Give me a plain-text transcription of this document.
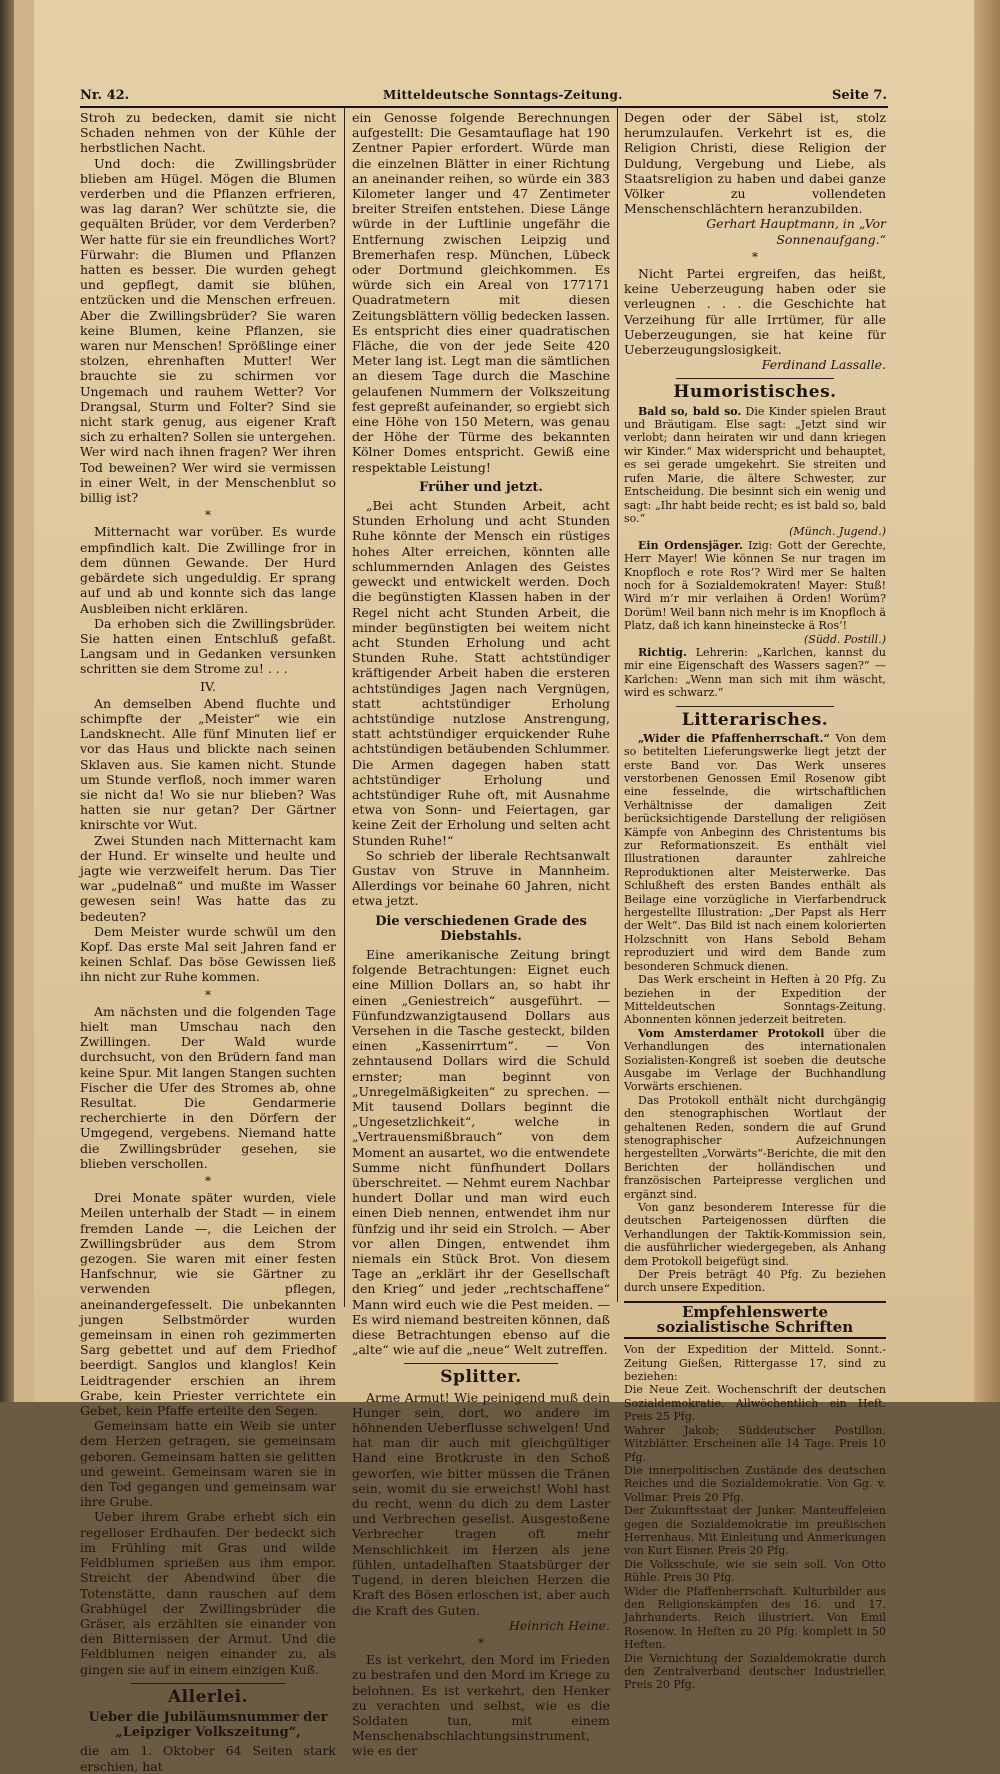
Nr. 42.	Mitteldeutsche Sonntags-Zeitung.	Seite 7.

Stroh zu bedecken, damit sie nicht Schaden nehmen von der Kühle der herbstlichen Nacht.

Und doch: die Zwillingsbrüder blieben am Hügel. Mögen die Blumen verderben und die Pflanzen erfrieren, was lag daran? Wer schützte sie, die gequälten Brüder, vor dem Verderben? Wer hatte für sie ein freundliches Wort? Fürwahr: die Blumen und Pflanzen hatten es besser. Die wurden gehegt und gepflegt, damit sie blühen, entzücken und die Menschen erfreuen. Aber die Zwillingsbrüder? Sie waren keine Blumen, keine Pflanzen, sie waren nur Menschen! Sprößlinge einer stolzen, ehrenhaften Mutter! Wer brauchte sie zu schirmen vor Ungemach und rauhem Wetter? Vor Drangsal, Sturm und Folter? Sind sie nicht stark genug, aus eigener Kraft sich zu erhalten? Sollen sie untergehen. Wer wird nach ihnen fragen? Wer ihren Tod beweinen? Wer wird sie vermissen in einer Welt, in der Menschenblut so billig ist?

*

Mitternacht war vorüber. Es wurde empfindlich kalt. Die Zwillinge fror in dem dünnen Gewande. Der Hurd gebärdete sich ungeduldig. Er sprang auf und ab und konnte sich das lange Ausbleiben nicht erklären.

Da erhoben sich die Zwillingsbrüder. Sie hatten einen Entschluß gefaßt. Langsam und in Gedanken versunken schritten sie dem Strome zu! . . .

IV.

An demselben Abend fluchte und schimpfte der „Meister“ wie ein Landsknecht. Alle fünf Minuten lief er vor das Haus und blickte nach seinen Sklaven aus. Sie kamen nicht. Stunde um Stunde verfloß, noch immer waren sie nicht da! Wo sie nur blieben? Was hatten sie nur getan? Der Gärtner knirschte vor Wut.

Zwei Stunden nach Mitternacht kam der Hund. Er winselte und heulte und jagte wie verzweifelt herum. Das Tier war „pudelnaß“ und mußte im Wasser gewesen sein! Was hatte das zu bedeuten?

Dem Meister wurde schwül um den Kopf. Das erste Mal seit Jahren fand er keinen Schlaf. Das böse Gewissen ließ ihn nicht zur Ruhe kommen.

*

Am nächsten und die folgenden Tage hielt man Umschau nach den Zwillingen. Der Wald wurde durchsucht, von den Brüdern fand man keine Spur. Mit langen Stangen suchten Fischer die Ufer des Stromes ab, ohne Resultat. Die Gendarmerie recherchierte in den Dörfern der Umgegend, vergebens. Niemand hatte die Zwillingsbrüder gesehen, sie blieben verschollen.

*

Drei Monate später wurden, viele Meilen unterhalb der Stadt — in einem fremden Lande —, die Leichen der Zwillingsbrüder aus dem Strom gezogen. Sie waren mit einer festen Hanfschnur, wie sie Gärtner zu verwenden pflegen, aneinandergefesselt. Die unbekannten jungen Selbstmörder wurden gemeinsam in einen roh gezimmerten Sarg gebettet und auf dem Friedhof beerdigt. Sanglos und klanglos! Kein Leidtragender erschien an ihrem Grabe, kein Priester verrichtete ein Gebet, kein Pfaffe erteilte den Segen.

Gemeinsam hatte ein Weib sie unter dem Herzen getragen, sie gemeinsam geboren. Gemeinsam hatten sie gelitten und geweint. Gemeinsam waren sie in den Tod gegangen und gemeinsam war ihre Grube.

Ueber ihrem Grabe erhebt sich ein regelloser Erdhaufen. Der bedeckt sich im Frühling mit Gras und wilde Feldblumen sprießen aus ihm empor. Streicht der Abendwind über die Totenstätte, dann rauschen auf dem Grabhügel der Zwillingsbrüder die Gräser, als erzählten sie einander von den Bitternissen der Armut. Und die Feldblumen neigen einander zu, als gingen sie auf in einem einzigen Kuß.

Allerlei.
Ueber die Jubiläumsnummer der „Leipziger Volkszeitung“,

die am 1. Oktober 64 Seiten stark erschien, hat

ein Genosse folgende Berechnungen aufgestellt: Die Gesamtauflage hat 190 Zentner Papier erfordert. Würde man die einzelnen Blätter in einer Richtung an aneinander reihen, so würde ein 383 Kilometer langer und 47 Zentimeter breiter Streifen entstehen. Diese Länge würde in der Luftlinie ungefähr die Entfernung zwischen Leipzig und Bremerhafen resp. München, Lübeck oder Dortmund gleichkommen. Es würde sich ein Areal von 177171 Quadratmetern mit diesen Zeitungsblättern völlig bedecken lassen. Es entspricht dies einer quadratischen Fläche, die von der jede Seite 420 Meter lang ist. Legt man die sämtlichen an diesem Tage durch die Maschine gelaufenen Nummern der Volkszeitung fest gepreßt aufeinander, so ergiebt sich eine Höhe von 150 Metern, was genau der Höhe der Türme des bekannten Kölner Domes entspricht. Gewiß eine respektable Leistung!

Früher und jetzt.

„Bei acht Stunden Arbeit, acht Stunden Erholung und acht Stunden Ruhe könnte der Mensch ein rüstiges hohes Alter erreichen, könnten alle schlummernden Anlagen des Geistes geweckt und entwickelt werden. Doch die begünstigten Klassen haben in der Regel nicht acht Stunden Arbeit, die minder begünstigten bei weitem nicht acht Stunden Erholung und acht Stunden Ruhe. Statt achtstündiger kräftigender Arbeit haben die ersteren achtstündiges Jagen nach Vergnügen, statt achtstündiger Erholung achtstündige nutzlose Anstrengung, statt achtstündiger erquickender Ruhe achtstündigen betäubenden Schlummer. Die Armen dagegen haben statt achtstündiger Erholung und achtstündiger Ruhe oft, mit Ausnahme etwa von Sonn- und Feiertagen, gar keine Zeit der Erholung und selten acht Stunden Ruhe!“

So schrieb der liberale Rechtsanwalt Gustav von Struve in Mannheim. Allerdings vor beinahe 60 Jahren, nicht etwa jetzt.

Die verschiedenen Grade des Diebstahls.

Eine amerikanische Zeitung bringt folgende Betrachtungen: Eignet euch eine Million Dollars an, so habt ihr einen „Geniestreich“ ausgeführt. — Fünfundzwanzigtausend Dollars aus Versehen in die Tasche gesteckt, bilden einen „Kassenirrtum“. — Von zehntausend Dollars wird die Schuld ernster; man beginnt von „Unregelmäßigkeiten“ zu sprechen. — Mit tausend Dollars beginnt die „Ungesetzlichkeit“, welche in „Vertrauensmißbrauch“ von dem Moment an ausartet, wo die entwendete Summe nicht fünfhundert Dollars überschreitet. — Nehmt eurem Nachbar hundert Dollar und man wird euch einen Dieb nennen, entwendet ihm nur fünfzig und ihr seid ein Strolch. — Aber vor allen Dingen, entwendet ihm niemals ein Stück Brot. Von diesem Tage an „erklärt ihr der Gesellschaft den Krieg“ und jeder „rechtschaffene“ Mann wird euch wie die Pest meiden. — Es wird niemand bestreiten können, daß diese Betrachtungen ebenso auf die „alte“ wie auf die „neue“ Welt zutreffen.

Splitter.

Arme Armut! Wie peinigend muß dein Hunger sein, dort, wo andere im höhnenden Ueberflusse schwelgen! Und hat man dir auch mit gleichgültiger Hand eine Brotkruste in den Schoß geworfen, wie bitter müssen die Tränen sein, womit du sie erweichst! Wohl hast du recht, wenn du dich zu dem Laster und Verbrechen gesellst. Ausgestoßene Verbrecher tragen oft mehr Menschlichkeit im Herzen als jene fühlen, untadelhaften Staatsbürger der Tugend, in deren bleichen Herzen die Kraft des Bösen erloschen ist, aber auch die Kraft des Guten.

Heinrich Heine.
*

Es ist verkehrt, den Mord im Frieden zu bestrafen und den Mord im Kriege zu belohnen. Es ist verkehrt, den Henker zu verachten und selbst, wie es die Soldaten tun, mit einem Menschenabschlachtungsinstrument, wie es der

Degen oder der Säbel ist, stolz herumzulaufen. Verkehrt ist es, die Religion Christi, diese Religion der Duldung, Vergebung und Liebe, als Staatsreligion zu haben und dabei ganze Völker zu vollendeten Menschenschlächtern heranzubilden.

Gerhart Hauptmann, in „Vor Sonnenaufgang.“
*

Nicht Partei ergreifen, das heißt, keine Ueberzeugung haben oder sie verleugnen . . . die Geschichte hat Verzeihung für alle Irrtümer, für alle Ueberzeugungen, sie hat keine für Ueberzeugungslosigkeit.

Ferdinand Lassalle.
Humoristisches.

Bald so, bald so. Die Kinder spielen Braut und Bräutigam. Else sagt: „Jetzt sind wir verlobt; dann heiraten wir und dann kriegen wir Kinder.“ Max widerspricht und behauptet, es sei gerade umgekehrt. Sie streiten und rufen Marie, die ältere Schwester, zur Entscheidung. Die besinnt sich ein wenig und sagt: „Ihr habt beide recht; es ist bald so, bald so.“

(Münch. Jugend.)

Ein Ordensjäger. Izig: Gott der Gerechte, Herr Mayer! Wie können Se nur tragen im Knopfloch e rote Ros’? Wird mer Se halten noch for ä Sozialdemokraten! Mayer: Stuß! Wird m’r mir verlaihen ä Orden! Worüm? Dorüm! Weil bann nich mehr is im Knopfloch ä Platz, daß ich kann hineinstecke ä Ros’!

(Südd. Postill.)

Richtig. Lehrerin: „Karlchen, kannst du mir eine Eigenschaft des Wassers sagen?“ — Karlchen: „Wenn man sich mit ihm wäscht, wird es schwarz.“

Litterarisches.

„Wider die Pfaffenherrschaft.“ Von dem so betitelten Lieferungswerke liegt jetzt der erste Band vor. Das Werk unseres verstorbenen Genossen Emil Rosenow gibt eine fesselnde, die wirtschaftlichen Verhältnisse der damaligen Zeit berücksichtigende Darstellung der religiösen Kämpfe von Anbeginn des Christentums bis zur Reformationszeit. Es enthält viel Illustrationen daraunter zahlreiche Reproduktionen alter Meisterwerke. Das Schlußheft des ersten Bandes enthält als Beilage eine vorzügliche in Vierfarbendruck hergestellte Illustration: „Der Papst als Herr der Welt“. Das Bild ist nach einem kolorierten Holzschnitt von Hans Sebold Beham reproduziert und wird dem Bande zum besonderen Schmuck dienen.

Das Werk erscheint in Heften à 20 Pfg. Zu beziehen in der Expedition der Mitteldeutschen Sonntags-Zeitung. Abonnenten können jederzeit beitreten.

Vom Amsterdamer Protokoll über die Verhandlungen des internationalen Sozialisten-Kongreß ist soeben die deutsche Ausgabe im Verlage der Buchhandlung Vorwärts erschienen.

Das Protokoll enthält nicht durchgängig den stenographischen Wortlaut der gehaltenen Reden, sondern die auf Grund stenographischer Aufzeichnungen hergestellten „Vorwärts“-Berichte, die mit den Berichten der holländischen und französischen Parteipresse verglichen und ergänzt sind.

Von ganz besonderem Interesse für die deutschen Parteigenossen dürften die Verhandlungen der Taktik-Kommission sein, die ausführlicher wiedergegeben, als Anhang dem Protokoll beigefügt sind.

Der Preis beträgt 40 Pfg. Zu beziehen durch unsere Expedition.

Empfehlenswerte sozialistische Schriften

Von der Expedition der Mitteld. Sonnt.-Zeitung Gießen, Rittergasse 17, sind zu beziehen:

Die Neue Zeit. Wochenschrift der deutschen Sozialdemokratie. Allwöchentlich ein Heft. Preis 25 Pfg.

Wahrer Jakob; Süddeutscher Postillon. Witzblätter. Erscheinen alle 14 Tage. Preis 10 Pfg.

Die innerpolitischen Zustände des deutschen Reiches und die Sozialdemokratie. Von Gg. v. Vollmar. Preis 20 Pfg.

Der Zukunftsstaat der Junker. Manteuffeleien gegen die Sozialdemokratie im preußischen Herrenhaus. Mit Einleitung und Anmerkungen von Kurt Eisner. Preis 20 Pfg.

Die Volksschule, wie sie sein soll. Von Otto Rühle. Preis 30 Pfg.

Wider die Pfaffenherrschaft. Kulturbilder aus den Religionskämpfen des 16. und 17. Jahrhunderts. Reich illustriert. Von Emil Rosenow. In Heften zu 20 Pfg. komplett in 50 Heften.

Die Vernichtung der Sozialdemokratie durch den Zentralverband deutscher Industrieller. Preis 20 Pfg.
